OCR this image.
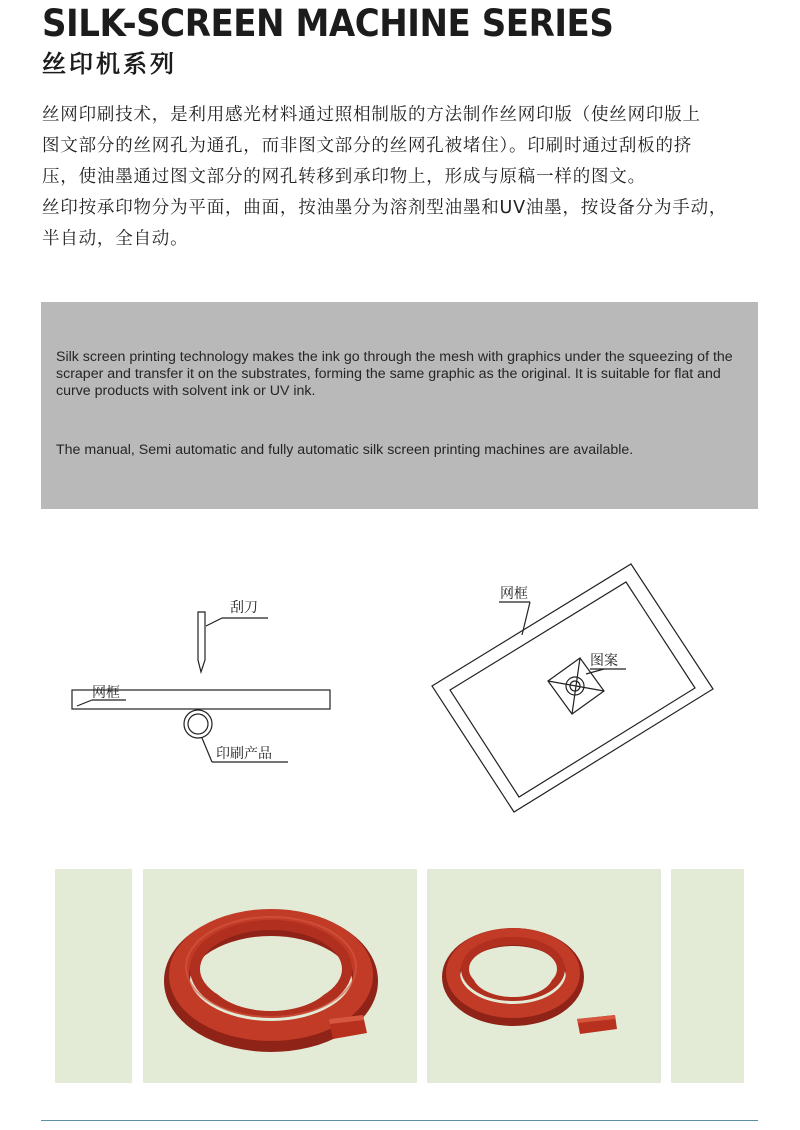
SILK-SCREEN MACHINE SERIES
丝印机系列

丝网印刷技术，是利用感光材料通过照相制版的方法制作丝网印版（使丝网印版上

图文部分的丝网孔为通孔，而非图文部分的丝网孔被堵住）。印刷时通过刮板的挤

压，使油墨通过图文部分的网孔转移到承印物上，形成与原稿一样的图文。

丝印按承印物分为平面，曲面，按油墨分为溶剂型油墨和UV油墨，按设备分为手动，

半自动，全自动。

Silk screen printing technology makes the ink go through the mesh with graphics under the squeezing of the scraper and transfer it on the substrates, forming the same graphic as the original. It is suitable for flat and curve products with solvent ink or UV ink.

The manual, Semi automatic and fully automatic silk screen printing machines are available.

刮刀
网框
印刷产品
网框
图案
